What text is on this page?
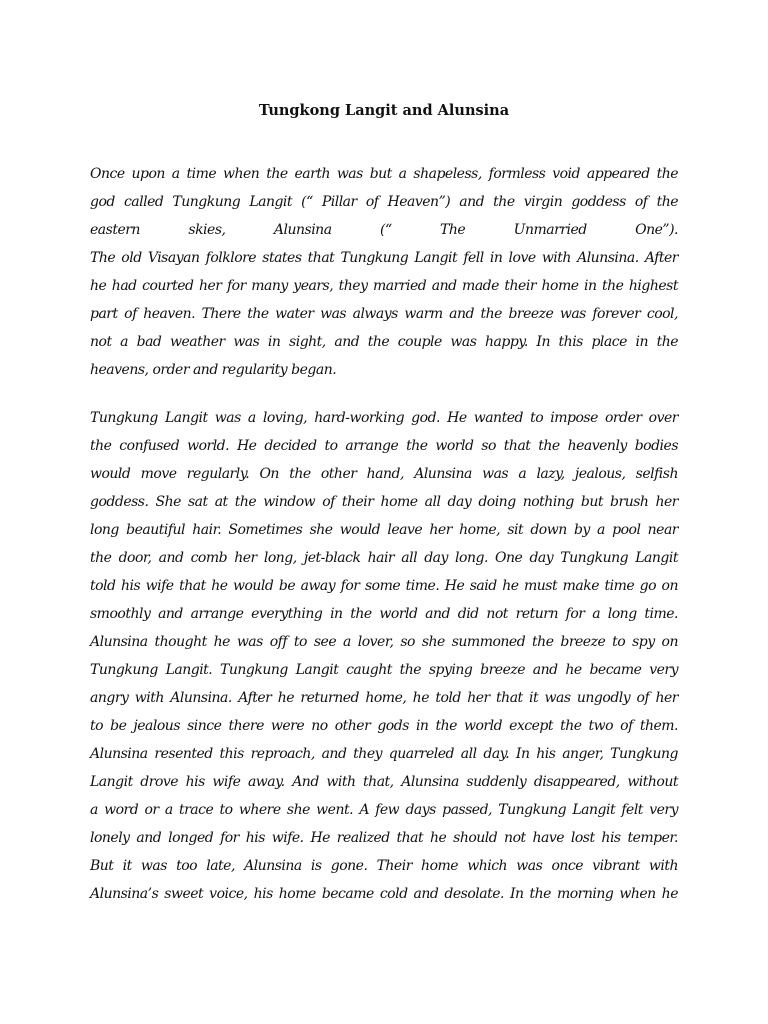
Tungkong Langit and Alunsina
Once upon a time when the earth was but a shapeless, formless void appeared the
god called Tungkung Langit (“ Pillar of Heaven”) and the virgin goddess of the
eastern skies, Alunsina (“ The Unmarried One”).
The old Visayan folklore states that Tungkung Langit fell in love with Alunsina. After
he had courted her for many years, they married and made their home in the highest
part of heaven. There the water was always warm and the breeze was forever cool,
not a bad weather was in sight, and the couple was happy. In this place in the
heavens, order and regularity began.
Tungkung Langit was a loving, hard-working god. He wanted to impose order over
the confused world. He decided to arrange the world so that the heavenly bodies
would move regularly. On the other hand, Alunsina was a lazy, jealous, selfish
goddess. She sat at the window of their home all day doing nothing but brush her
long beautiful hair. Sometimes she would leave her home, sit down by a pool near
the door, and comb her long, jet-black hair all day long. One day Tungkung Langit
told his wife that he would be away for some time. He said he must make time go on
smoothly and arrange everything in the world and did not return for a long time.
Alunsina thought he was off to see a lover, so she summoned the breeze to spy on
Tungkung Langit. Tungkung Langit caught the spying breeze and he became very
angry with Alunsina. After he returned home, he told her that it was ungodly of her
to be jealous since there were no other gods in the world except the two of them.
Alunsina resented this reproach, and they quarreled all day. In his anger, Tungkung
Langit drove his wife away. And with that, Alunsina suddenly disappeared, without
a word or a trace to where she went. A few days passed, Tungkung Langit felt very
lonely and longed for his wife. He realized that he should not have lost his temper.
But it was too late, Alunsina is gone. Their home which was once vibrant with
Alunsina’s sweet voice, his home became cold and desolate. In the morning when he
